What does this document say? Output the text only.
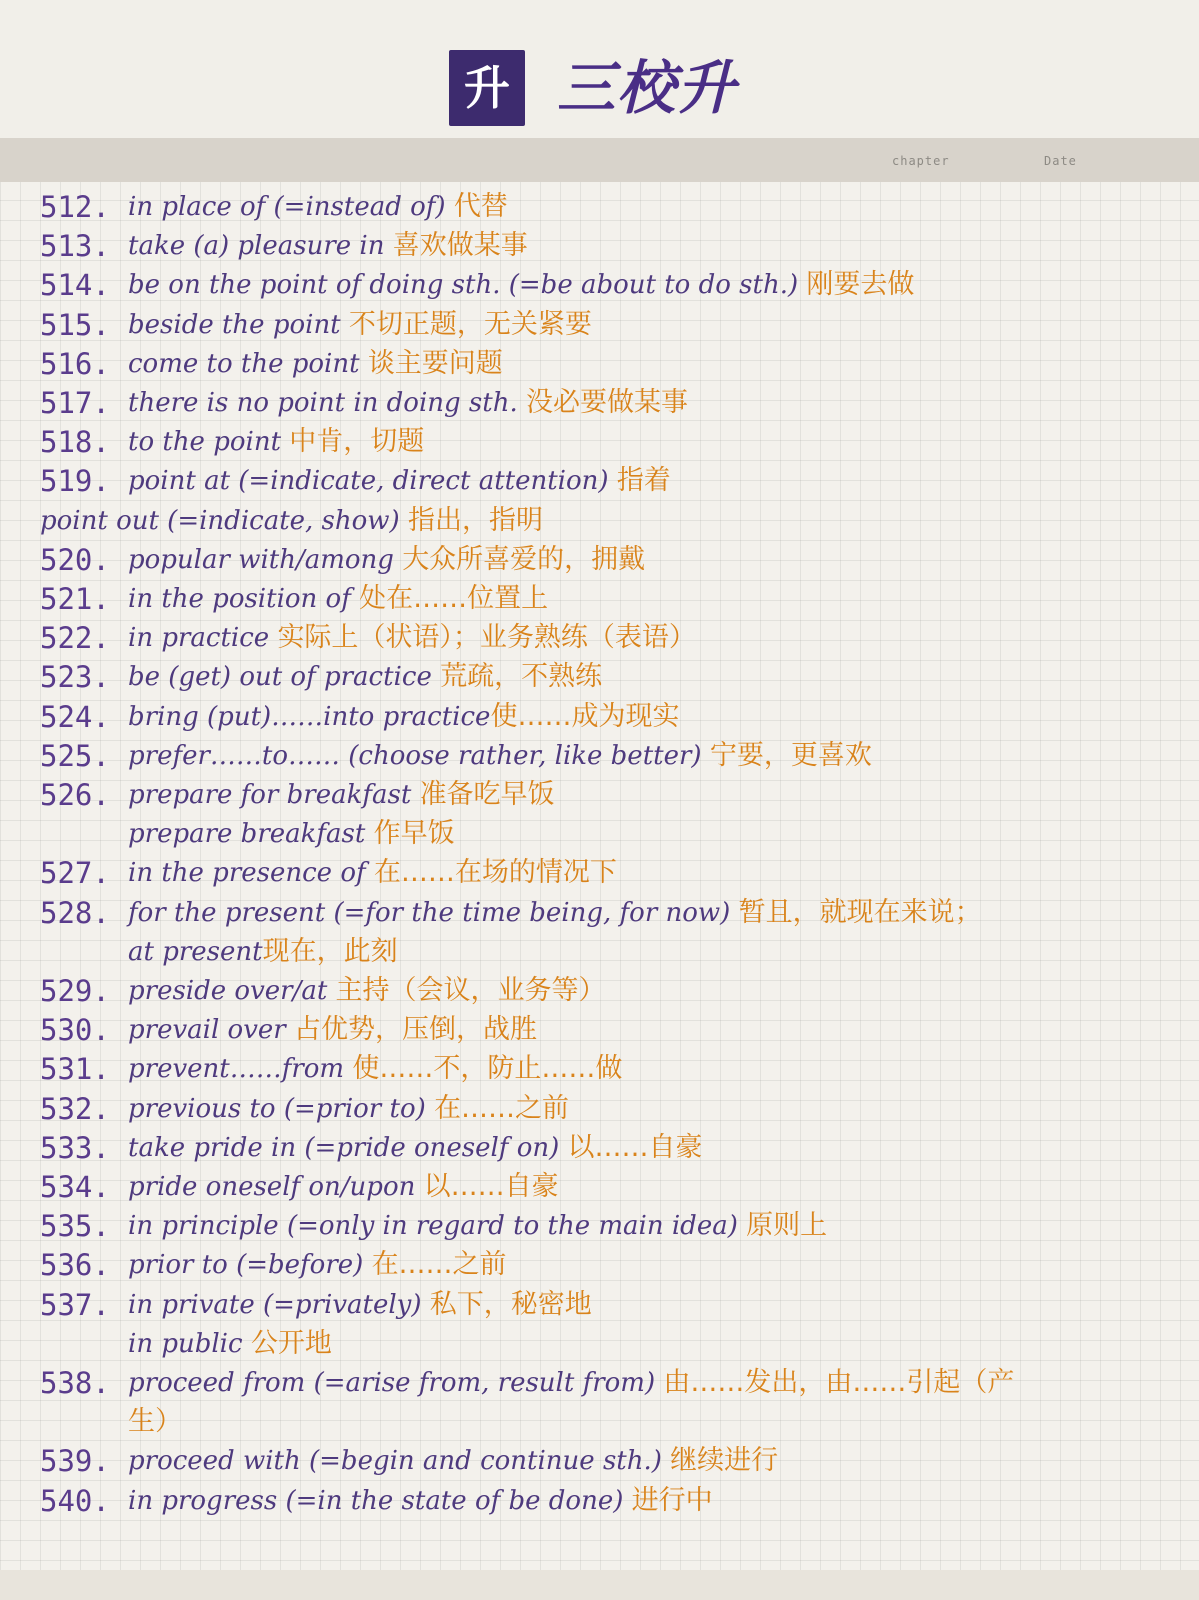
升 三校升
chapter	Date
512. in place of (=instead of) 代替
513. take (a) pleasure in 喜欢做某事
514. be on the point of doing sth. (=be about to do sth.) 刚要去做
515. beside the point 不切正题，无关紧要
516. come to the point 谈主要问题
517. there is no point in doing sth. 没必要做某事
518. to the point 中肯，切题
519. point at (=indicate, direct attention) 指着
point out (=indicate, show) 指出，指明
520. popular with/among 大众所喜爱的，拥戴
521. in the position of 处在……位置上
522. in practice 实际上（状语）；业务熟练（表语）
523. be (get) out of practice 荒疏，不熟练
524. bring (put)……into practice使……成为现实
525. prefer……to…… (choose rather, like better) 宁要，更喜欢
526. prepare for breakfast 准备吃早饭
prepare breakfast 作早饭
527. in the presence of 在……在场的情况下
528. for the present (=for the time being, for now) 暂且，就现在来说；
at present现在，此刻
529. preside over/at 主持（会议，业务等）
530. prevail over 占优势，压倒，战胜
531. prevent……from 使……不，防止……做
532. previous to (=prior to) 在……之前
533. take pride in (=pride oneself on) 以……自豪
534. pride oneself on/upon 以……自豪
535. in principle (=only in regard to the main idea) 原则上
536. prior to (=before) 在……之前
537. in private (=privately) 私下，秘密地
in public 公开地
538. proceed from (=arise from, result from) 由……发出，由……引起（产
生）
539. proceed with (=begin and continue sth.) 继续进行
540. in progress (=in the state of be done) 进行中
